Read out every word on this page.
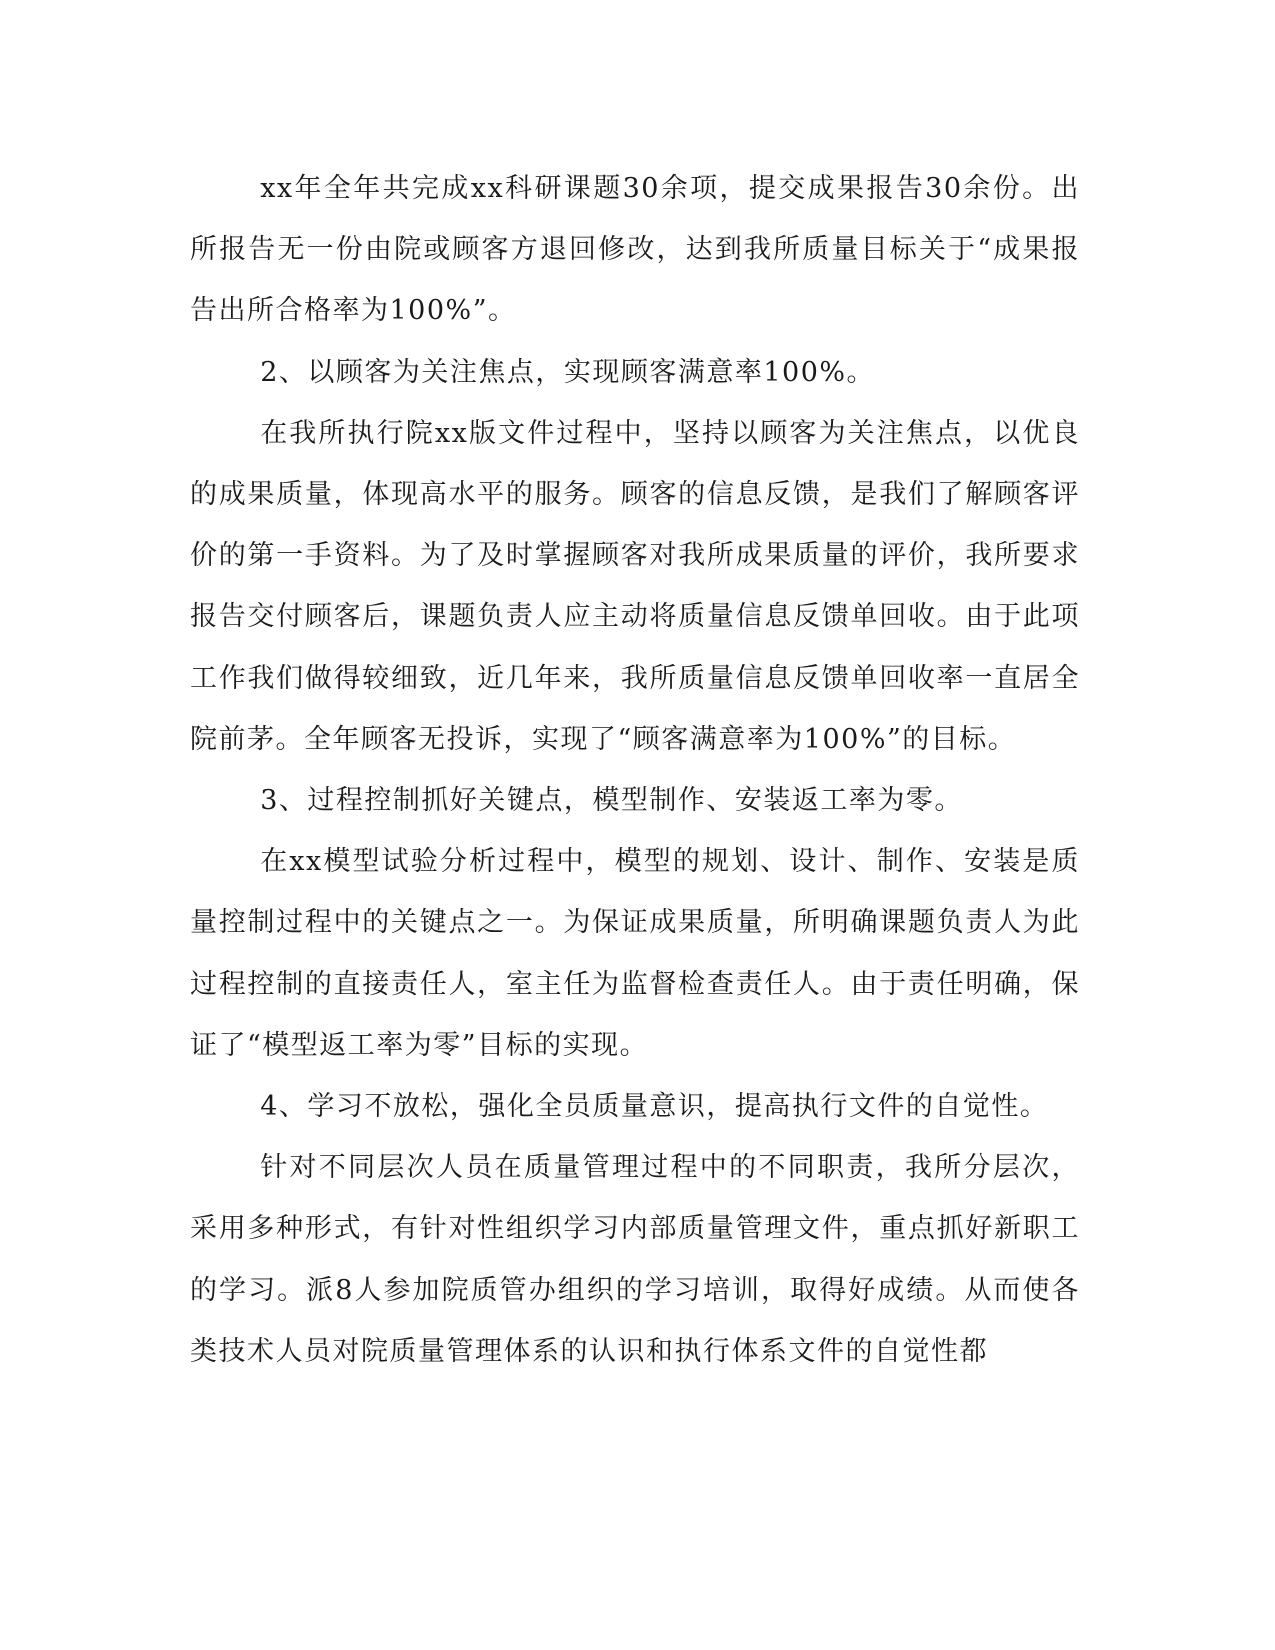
xx年全年共完成xx科研课题30余项，提交成果报告30余份。出所报告无一份由院或顾客方退回修改，达到我所质量目标关于“成果报告出所合格率为100%”。

2、以顾客为关注焦点，实现顾客满意率100%。

在我所执行院xx版文件过程中，坚持以顾客为关注焦点，以优良的成果质量，体现高水平的服务。顾客的信息反馈，是我们了解顾客评价的第一手资料。为了及时掌握顾客对我所成果质量的评价，我所要求报告交付顾客后，课题负责人应主动将质量信息反馈单回收。由于此项工作我们做得较细致，近几年来，我所质量信息反馈单回收率一直居全院前茅。全年顾客无投诉，实现了“顾客满意率为100%”的目标。

3、过程控制抓好关键点，模型制作、安装返工率为零。

在xx模型试验分析过程中，模型的规划、设计、制作、安装是质量控制过程中的关键点之一。为保证成果质量，所明确课题负责人为此过程控制的直接责任人，室主任为监督检查责任人。由于责任明确，保证了“模型返工率为零”目标的实现。

4、学习不放松，强化全员质量意识，提高执行文件的自觉性。

针对不同层次人员在质量管理过程中的不同职责，我所分层次，采用多种形式，有针对性组织学习内部质量管理文件，重点抓好新职工的学习。派8人参加院质管办组织的学习培训，取得好成绩。从而使各类技术人员对院质量管理体系的认识和执行体系文件的自觉性都
